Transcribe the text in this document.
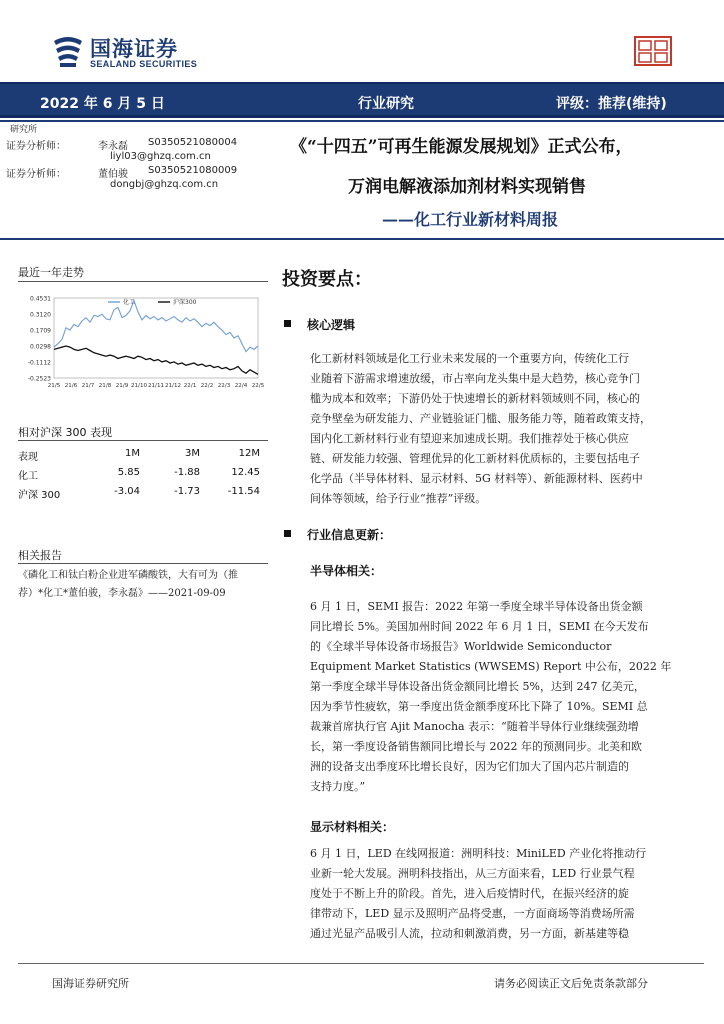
国海证券
SEALAND SECURITIES
2022 年 6 月 5 日	行业研究	评级：推荐(维持)
研究所
证券分析师：	李永磊 S0350521080004
liyl03@ghzq.com.cn
证券分析师：	董伯骏 S0350521080009
dongbj@ghzq.com.cn
《“十四五”可再生能源发展规划》正式公布，
万润电解液添加剂材料实现销售
——化工行业新材料周报
最近一年走势
0.4531
0.3120
0.1709
0.0298
-0.1112
-0.2523
21/5 21/6 21/7 21/8 21/9 21/10 21/11 21/12 22/1 22/2 22/3 22/4 22/5
化工	沪深300
相对沪深 300 表现
表现	1M	3M	12M
化工	5.85	-1.88	12.45
沪深 300	-3.04	-1.73	-11.54
相关报告
《磷化工和钛白粉企业进军磷酸铁，大有可为（推
荐）*化工*董伯骏，李永磊》——2021-09-09
投资要点：
核心逻辑
化工新材料领域是化工行业未来发展的一个重要方向，传统化工行
业随着下游需求增速放缓，市占率向龙头集中是大趋势，核心竞争门
槛为成本和效率；下游仍处于快速增长的新材料领域则不同，核心的
竞争壁垒为研发能力、产业链验证门槛、服务能力等，随着政策支持，
国内化工新材料行业有望迎来加速成长期。我们推荐处于核心供应
链、研发能力较强、管理优异的化工新材料优质标的，主要包括电子
化学品（半导体材料、显示材料、5G 材料等）、新能源材料、医药中
间体等领域，给予行业“推荐”评级。
行业信息更新：
半导体相关：
6 月 1 日，SEMI 报告：2022 年第一季度全球半导体设备出货金额
同比增长 5%。美国加州时间 2022 年 6 月 1 日，SEMI 在今天发布
的《全球半导体设备市场报告》Worldwide Semiconductor
Equipment Market Statistics (WWSEMS) Report 中公布，2022 年
第一季度全球半导体设备出货金额同比增长 5%，达到 247 亿美元，
因为季节性疲软，第一季度出货金额季度环比下降了 10%。SEMI 总
裁兼首席执行官 Ajit Manocha 表示：“随着半导体行业继续强劲增
长，第一季度设备销售额同比增长与 2022 年的预测同步。北美和欧
洲的设备支出季度环比增长良好，因为它们加大了国内芯片制造的
支持力度。”
显示材料相关：
6 月 1 日，LED 在线网报道：洲明科技：MiniLED 产业化将推动行
业新一轮大发展。洲明科技指出，从三方面来看，LED 行业景气程
度处于不断上升的阶段。首先，进入后疫情时代，在振兴经济的旋
律带动下，LED 显示及照明产品将受惠，一方面商场等消费场所需
通过光显产品吸引人流，拉动和刺激消费，另一方面，新基建等稳
国海证券研究所	请务必阅读正文后免责条款部分
